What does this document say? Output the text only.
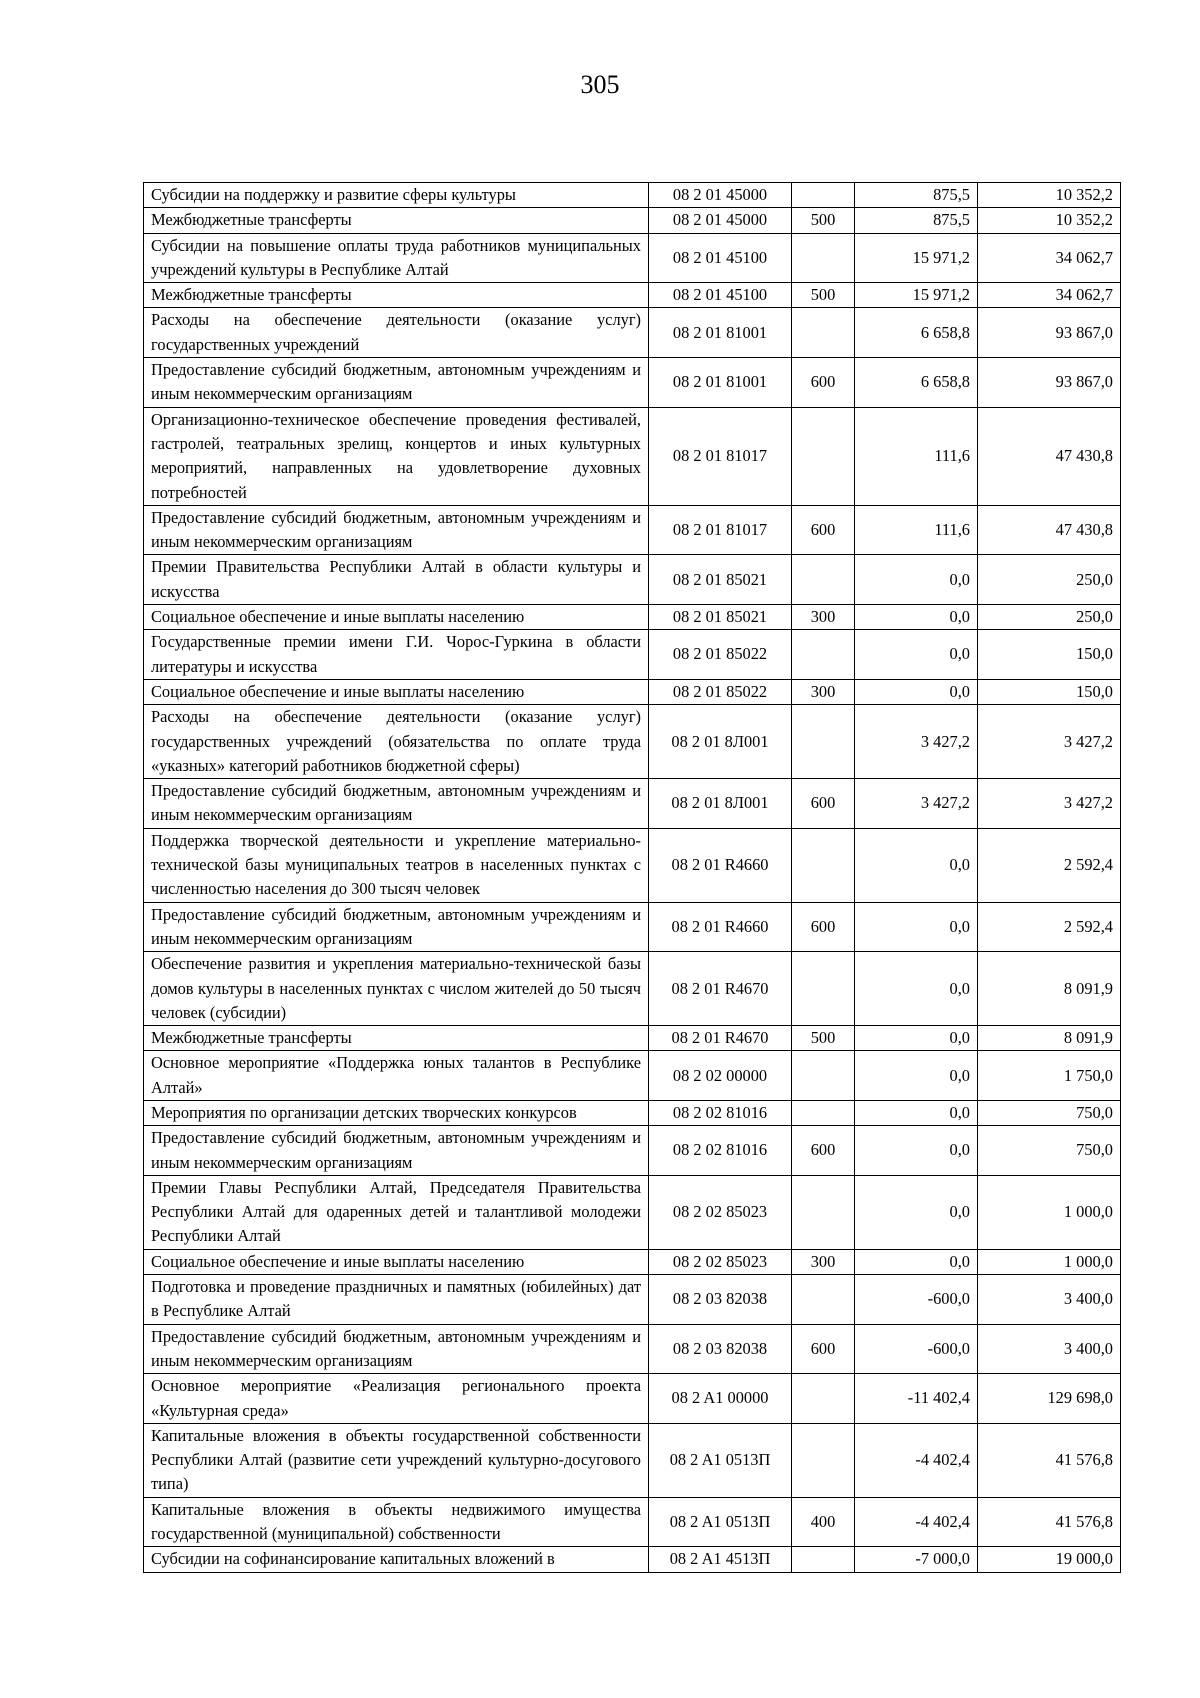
305
Субсидии на поддержку и развитие сферы культуры	08 2 01 45000		875,5	10 352,2
Межбюджетные трансферты	08 2 01 45000	500	875,5	10 352,2
Субсидии на повышение оплаты труда работников муниципальных учреждений культуры в Республике Алтай	08 2 01 45100		15 971,2	34 062,7
Межбюджетные трансферты	08 2 01 45100	500	15 971,2	34 062,7
Расходы на обеспечение деятельности (оказание услуг) государственных учреждений	08 2 01 81001		6 658,8	93 867,0
Предоставление субсидий бюджетным, автономным учреждениям и иным некоммерческим организациям	08 2 01 81001	600	6 658,8	93 867,0
Организационно-техническое обеспечение проведения фестивалей, гастролей, театральных зрелищ, концертов и иных культурных мероприятий, направленных на удовлетворение духовных потребностей	08 2 01 81017		111,6	47 430,8
Предоставление субсидий бюджетным, автономным учреждениям и иным некоммерческим организациям	08 2 01 81017	600	111,6	47 430,8
Премии Правительства Республики Алтай в области культуры и искусства	08 2 01 85021		0,0	250,0
Социальное обеспечение и иные выплаты населению	08 2 01 85021	300	0,0	250,0
Государственные премии имени Г.И. Чорос-Гуркина в области литературы и искусства	08 2 01 85022		0,0	150,0
Социальное обеспечение и иные выплаты населению	08 2 01 85022	300	0,0	150,0
Расходы на обеспечение деятельности (оказание услуг) государственных учреждений (обязательства по оплате труда «указных» категорий работников бюджетной сферы)	08 2 01 8Л001		3 427,2	3 427,2
Предоставление субсидий бюджетным, автономным учреждениям и иным некоммерческим организациям	08 2 01 8Л001	600	3 427,2	3 427,2
Поддержка творческой деятельности и укрепление материально-технической базы муниципальных театров в населенных пунктах с численностью населения до 300 тысяч человек	08 2 01 R4660		0,0	2 592,4
Предоставление субсидий бюджетным, автономным учреждениям и иным некоммерческим организациям	08 2 01 R4660	600	0,0	2 592,4
Обеспечение развития и укрепления материально-технической базы домов культуры в населенных пунктах с числом жителей до 50 тысяч человек (субсидии)	08 2 01 R4670		0,0	8 091,9
Межбюджетные трансферты	08 2 01 R4670	500	0,0	8 091,9
Основное мероприятие «Поддержка юных талантов в Республике Алтай»	08 2 02 00000		0,0	1 750,0
Мероприятия по организации детских творческих конкурсов	08 2 02 81016		0,0	750,0
Предоставление субсидий бюджетным, автономным учреждениям и иным некоммерческим организациям	08 2 02 81016	600	0,0	750,0
Премии Главы Республики Алтай, Председателя Правительства Республики Алтай для одаренных детей и талантливой молодежи Республики Алтай	08 2 02 85023		0,0	1 000,0
Социальное обеспечение и иные выплаты населению	08 2 02 85023	300	0,0	1 000,0
Подготовка и проведение праздничных и памятных (юбилейных) дат в Республике Алтай	08 2 03 82038		-600,0	3 400,0
Предоставление субсидий бюджетным, автономным учреждениям и иным некоммерческим организациям	08 2 03 82038	600	-600,0	3 400,0
Основное мероприятие «Реализация регионального проекта «Культурная среда»	08 2 A1 00000		-11 402,4	129 698,0
Капитальные вложения в объекты государственной собственности Республики Алтай (развитие сети учреждений культурно-досугового типа)	08 2 A1 0513П		-4 402,4	41 576,8
Капитальные вложения в объекты недвижимого имущества государственной (муниципальной) собственности	08 2 A1 0513П	400	-4 402,4	41 576,8
Субсидии на софинансирование капитальных вложений в	08 2 A1 4513П		-7 000,0	19 000,0
